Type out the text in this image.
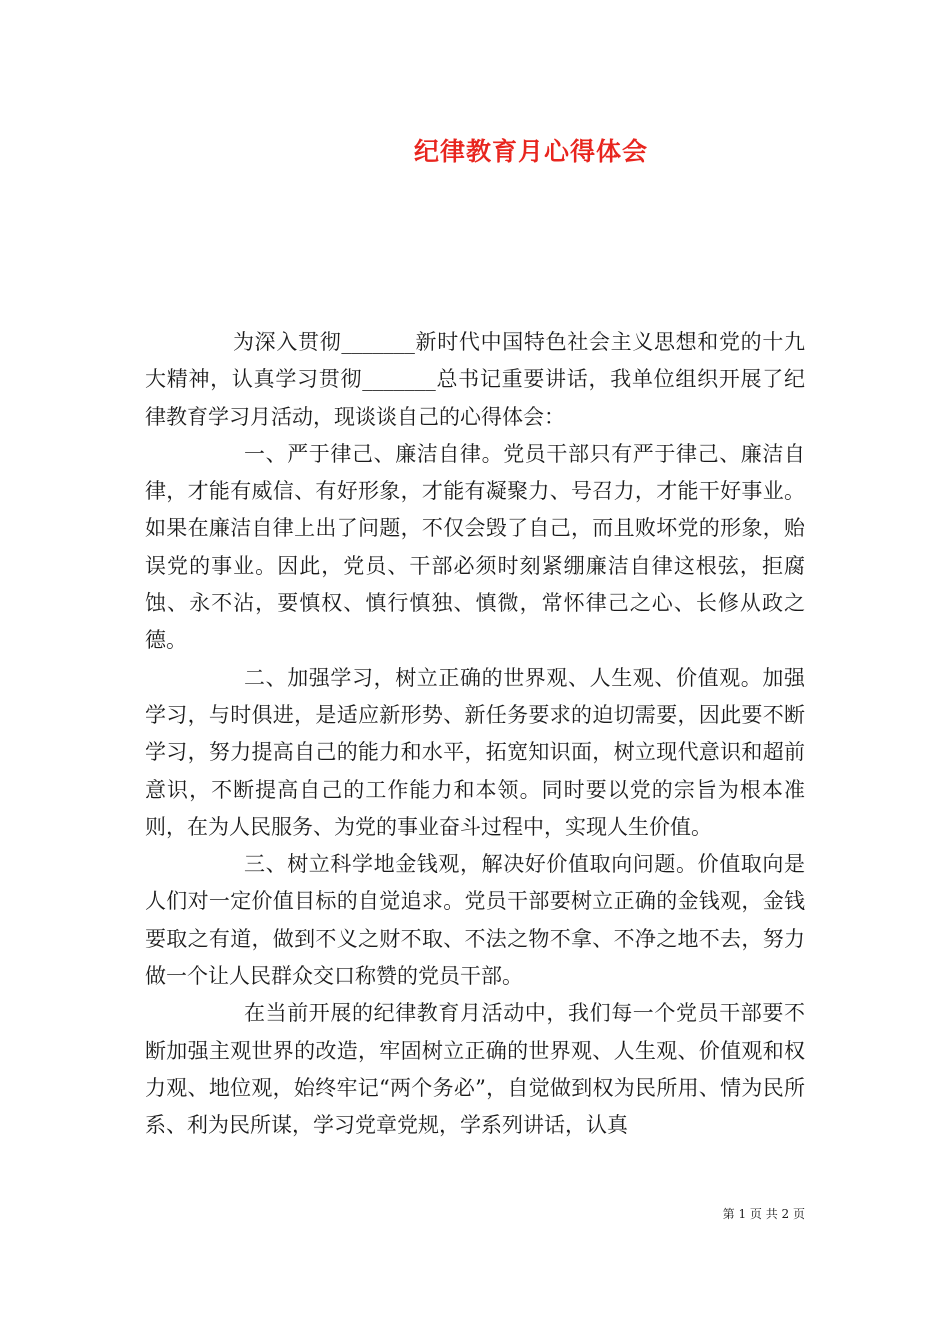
纪律教育月心得体会

为深入贯彻_______新时代中国特色社会主义思想和党的十九大精神，认真学习贯彻_______总书记重要讲话，我单位组织开展了纪律教育学习月活动，现谈谈自己的心得体会：

一、严于律己、廉洁自律。党员干部只有严于律己、廉洁自律，才能有威信、有好形象，才能有凝聚力、号召力，才能干好事业。如果在廉洁自律上出了问题，不仅会毁了自己，而且败坏党的形象，贻误党的事业。因此，党员、干部必须时刻紧绷廉洁自律这根弦，拒腐蚀、永不沾，要慎权、慎行慎独、慎微，常怀律己之心、长修从政之德。

二、加强学习，树立正确的世界观、人生观、价值观。加强学习，与时俱进，是适应新形势、新任务要求的迫切需要，因此要不断学习，努力提高自己的能力和水平，拓宽知识面，树立现代意识和超前意识，不断提高自己的工作能力和本领。同时要以党的宗旨为根本准则，在为人民服务、为党的事业奋斗过程中，实现人生价值。

三、树立科学地金钱观，解决好价值取向问题。价值取向是人们对一定价值目标的自觉追求。党员干部要树立正确的金钱观，金钱要取之有道，做到不义之财不取、不法之物不拿、不净之地不去，努力做一个让人民群众交口称赞的党员干部。

在当前开展的纪律教育月活动中，我们每一个党员干部要不断加强主观世界的改造，牢固树立正确的世界观、人生观、价值观和权力观、地位观，始终牢记“两个务必”，自觉做到权为民所用、情为民所系、利为民所谋，学习党章党规，学系列讲话，认真

第 1 页 共 2 页
